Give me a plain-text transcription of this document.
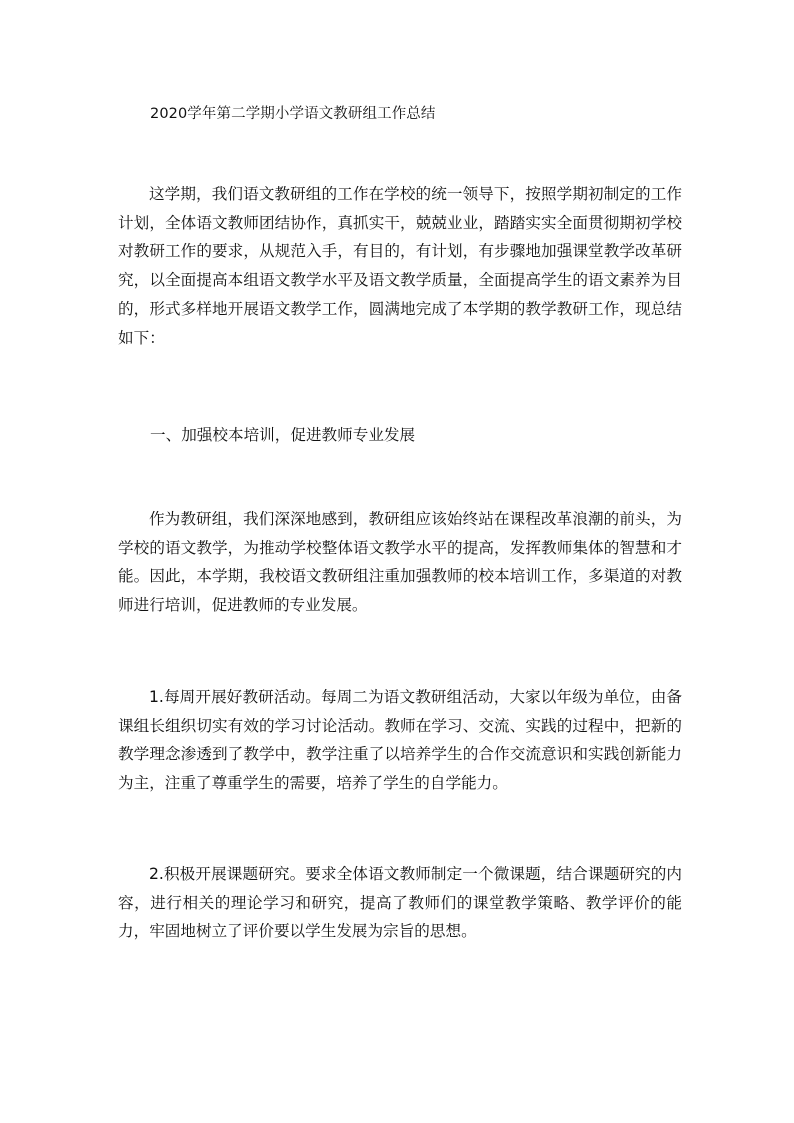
2020学年第二学期小学语文教研组工作总结

这学期，我们语文教研组的工作在学校的统一领导下，按照学期初制定的工作计划，全体语文教师团结协作，真抓实干，兢兢业业，踏踏实实全面贯彻期初学校对教研工作的要求，从规范入手，有目的，有计划，有步骤地加强课堂教学改革研究，以全面提高本组语文教学水平及语文教学质量，全面提高学生的语文素养为目的，形式多样地开展语文教学工作，圆满地完成了本学期的教学教研工作，现总结如下：

一、加强校本培训，促进教师专业发展

作为教研组，我们深深地感到，教研组应该始终站在课程改革浪潮的前头，为学校的语文教学，为推动学校整体语文教学水平的提高，发挥教师集体的智慧和才能。因此，本学期，我校语文教研组注重加强教师的校本培训工作，多渠道的对教师进行培训，促进教师的专业发展。

1.每周开展好教研活动。每周二为语文教研组活动，大家以年级为单位，由备课组长组织切实有效的学习讨论活动。教师在学习、交流、实践的过程中，把新的教学理念渗透到了教学中，教学注重了以培养学生的合作交流意识和实践创新能力为主，注重了尊重学生的需要，培养了学生的自学能力。

2.积极开展课题研究。要求全体语文教师制定一个微课题，结合课题研究的内容，进行相关的理论学习和研究，提高了教师们的课堂教学策略、教学评价的能力，牢固地树立了评价要以学生发展为宗旨的思想。
